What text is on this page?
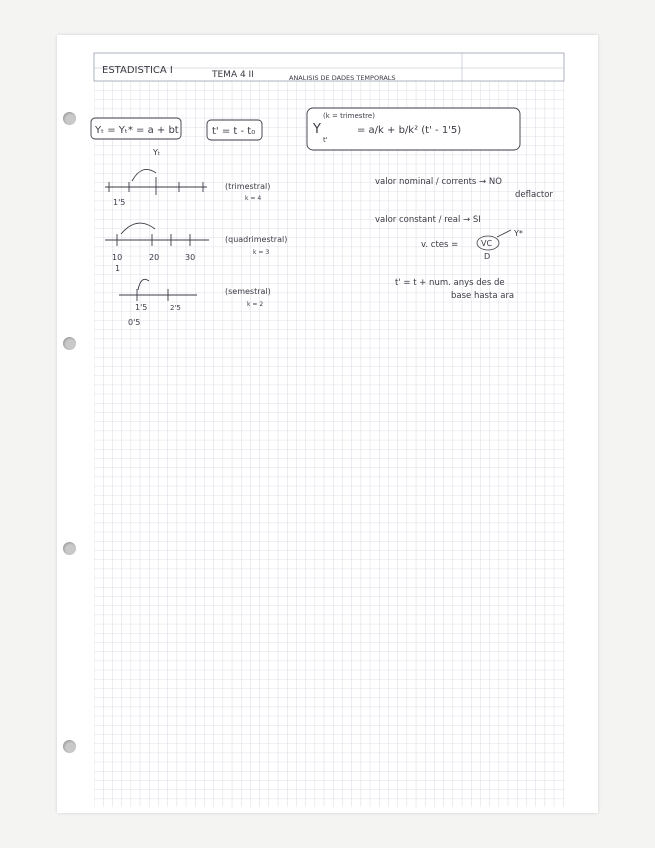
ESTADISTICA I	TEMA 4 II	ANALISIS DE DADES TEMPORALS
Yₜ = Yₜ* = a + bt	t' = t - t₀	Y
(k = trimestre)
t'
= a/k + b/k² (t' - 1'5)
Yₜ
1'5
(trimestral)
k = 4
10	20	30
1
(quadrimestral)
k = 3
1'5	2'5
0'5
(semestral)
k = 2
valor nominal / corrents → NO
deflactor
valor constant / real → SI
Y*
v. ctes =	VC
D
t' = t + num. anys des de
base hasta ara
